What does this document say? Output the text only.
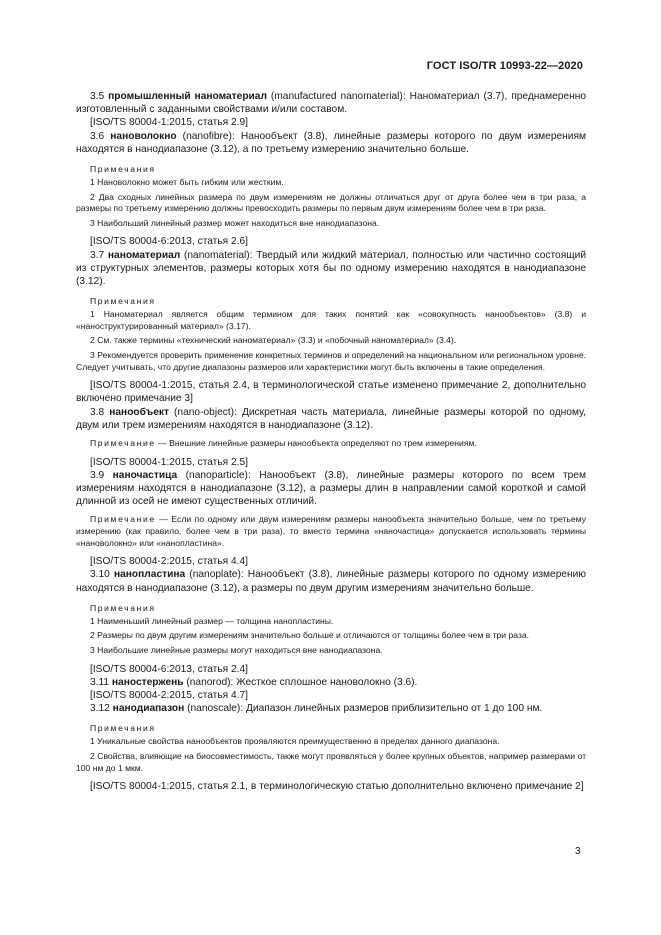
ГОСТ ISO/TR 10993-22—2020

3.5 промышленный наноматериал (manufactured nanomaterial): Наноматериал (3.7), преднамеренно изготовленный с заданными свойствами и/или составом.

[ISO/TS 80004-1:2015, статья 2.9]

3.6 нановолокно (nanofibre): Нанообъект (3.8), линейные размеры которого по двум измерениям находятся в нанодиапазоне (3.12), а по третьему измерению значительно больше.

Примечания

1 Нановолокно может быть гибким или жестким.

2 Два сходных линейных размера по двум измерениям не должны отличаться друг от друга более чем в три раза, а размеры по третьему измерению должны превосходить размеры по первым двум измерениям более чем в три раза.

3 Наибольший линейный размер может находиться вне нанодиапазона.

[ISO/TS 80004-6:2013, статья 2.6]

3.7 наноматериал (nanomaterial): Твердый или жидкий материал, полностью или частично состоящий из структурных элементов, размеры которых хотя бы по одному измерению находятся в нанодиапазоне (3.12).

Примечания

1 Наноматериал является общим термином для таких понятий как «совокупность нанообъектов» (3.8) и «наноструктурированный материал» (3.17).

2 См. также термины «технический наноматериал» (3.3) и «побочный наноматериал» (3.4).

3 Рекомендуется проверить применение конкретных терминов и определений на национальном или региональном уровне. Следует учитывать, что другие диапазоны размеров или характеристики могут быть включены в такие определения.

[ISO/TS 80004-1:2015, статья 2.4, в терминологической статье изменено примечание 2, дополнительно включено примечание 3]

3.8 нанообъект (nano-object): Дискретная часть материала, линейные размеры которой по одному, двум или трем измерениям находятся в нанодиапазоне (3.12).

Примечание — Внешние линейные размеры нанообъекта определяют по трем измерениям.

[ISO/TS 80004-1:2015, статья 2.5]

3.9 наночастица (nanoparticle): Нанообъект (3.8), линейные размеры которого по всем трем измерениям находятся в нанодиапазоне (3.12), а размеры длин в направлении самой короткой и самой длинной из осей не имеют существенных отличий.

Примечание — Если по одному или двум измерениям размеры нанообъекта значительно больше, чем по третьему измерению (как правило, более чем в три раза), то вместо термина «наночастица» допускается использовать термины «нановолокно» или «нанопластина».

[ISO/TS 80004-2:2015, статья 4.4]

3.10 нанопластина (nanoplate): Нанообъект (3.8), линейные размеры которого по одному измерению находятся в нанодиапазоне (3.12), а размеры по двум другим измерениям значительно больше.

Примечания

1 Наименьший линейный размер — толщина нанопластины.

2 Размеры по двум другим измерениям значительно больше и отличаются от толщины более чем в три раза.

3 Наибольшие линейные размеры могут находиться вне нанодиапазона.

[ISO/TS 80004-6:2013, статья 2.4]

3.11 наностержень (nanorod): Жесткое сплошное нановолокно (3.6).

[ISO/TS 80004-2:2015, статья 4.7]

3.12 нанодиапазон (nanoscale): Диапазон линейных размеров приблизительно от 1 до 100 нм.

Примечания

1 Уникальные свойства нанообъектов проявляются преимущественно в пределах данного диапазона.

2 Свойства, влияющие на биосовместимость, также могут проявляться у более крупных объектов, например размерами от 100 нм до 1 мкм.

[ISO/TS 80004-1:2015, статья 2.1, в терминологическую статью дополнительно включено примечание 2]

3
